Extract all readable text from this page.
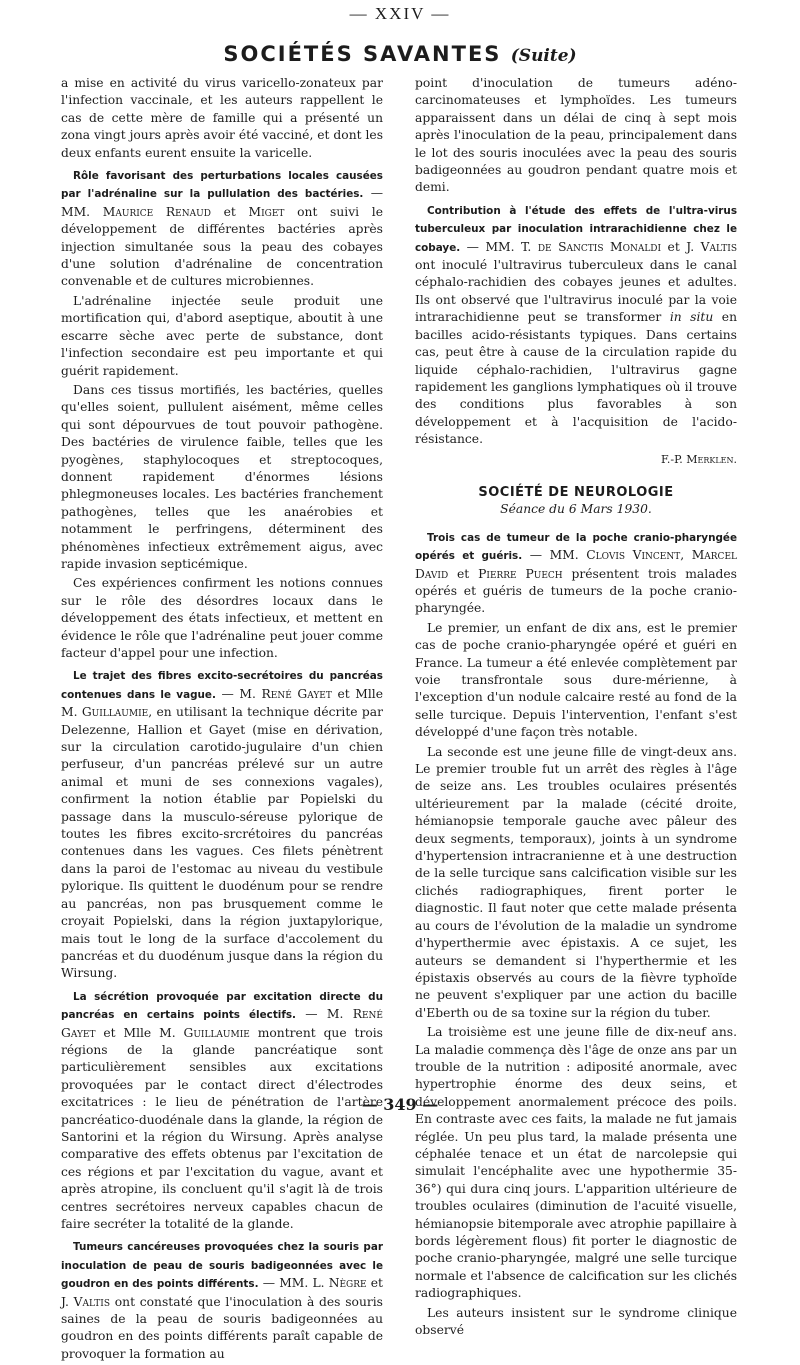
— XXIV —
SOCIÉTÉS SAVANTES (Suite)

a mise en activité du virus varicello-zonateux par l'infection vaccinale, et les auteurs rappellent le cas de cette mère de famille qui a présenté un zona vingt jours après avoir été vacciné, et dont les deux enfants eurent ensuite la varicelle.

Rôle favorisant des perturbations locales causées par l'adrénaline sur la pullulation des bactéries. — MM. Maurice Renaud et Miget ont suivi le développement de différentes bactéries après injection simultanée sous la peau des cobayes d'une solution d'adrénaline de concentration convenable et de cultures microbiennes.

L'adrénaline injectée seule produit une mortification qui, d'abord aseptique, aboutit à une escarre sèche avec perte de substance, dont l'infection secondaire est peu importante et qui guérit rapidement.

Dans ces tissus mortifiés, les bactéries, quelles qu'elles soient, pullulent aisément, même celles qui sont dépourvues de tout pouvoir pathogène. Des bactéries de virulence faible, telles que les pyogènes, staphylocoques et streptocoques, donnent rapidement d'énormes lésions phlegmoneuses locales. Les bactéries franchement pathogènes, telles que les anaérobies et notamment le perfringens, déterminent des phénomènes infectieux extrêmement aigus, avec rapide invasion septicémique.

Ces expériences confirment les notions connues sur le rôle des désordres locaux dans le développement des états infectieux, et mettent en évidence le rôle que l'adrénaline peut jouer comme facteur d'appel pour une infection.

Le trajet des fibres excito-secrétoires du pancréas contenues dans le vague. — M. René Gayet et Mlle M. Guillaumie, en utilisant la technique décrite par Delezenne, Hallion et Gayet (mise en dérivation, sur la circulation carotido-jugulaire d'un chien perfuseur, d'un pancréas prélevé sur un autre animal et muni de ses connexions vagales), confirment la notion établie par Popielski du passage dans la musculo-séreuse pylorique de toutes les fibres excito-srcrétoires du pancréas contenues dans les vagues. Ces filets pénètrent dans la paroi de l'estomac au niveau du vestibule pylorique. Ils quittent le duodénum pour se rendre au pancréas, non pas brusquement comme le croyait Popielski, dans la région juxtapylorique, mais tout le long de la surface d'accolement du pancréas et du duodénum jusque dans la région du Wirsung.

La sécrétion provoquée par excitation directe du pancréas en certains points électifs. — M. René Gayet et Mlle M. Guillaumie montrent que trois régions de la glande pancréatique sont particulièrement sensibles aux excitations provoquées par le contact direct d'électrodes excitatrices : le lieu de pénétration de l'artère pancréatico-duodénale dans la glande, la région de Santorini et la région du Wirsung. Après analyse comparative des effets obtenus par l'excitation de ces régions et par l'excitation du vague, avant et après atropine, ils concluent qu'il s'agit là de trois centres secrétoires nerveux capables chacun de faire secréter la totalité de la glande.

Tumeurs cancéreuses provoquées chez la souris par inoculation de peau de souris badigeonnées avec le goudron en des points différents. — MM. L. Nègre et J. Valtis ont constaté que l'inoculation à des souris saines de la peau de souris badigeonnées au goudron en des points différents paraît capable de provoquer la formation au

point d'inoculation de tumeurs adéno-carcinomateuses et lymphoïdes. Les tumeurs apparaissent dans un délai de cinq à sept mois après l'inoculation de la peau, principalement dans le lot des souris inoculées avec la peau des souris badigeonnées au goudron pendant quatre mois et demi.

Contribution à l'étude des effets de l'ultra-virus tuberculeux par inoculation intrarachidienne chez le cobaye. — MM. T. de Sanctis Monaldi et J. Valtis ont inoculé l'ultravirus tuberculeux dans le canal céphalo-rachidien des cobayes jeunes et adultes. Ils ont observé que l'ultravirus inoculé par la voie intrarachidienne peut se transformer in situ en bacilles acido-résistants typiques. Dans certains cas, peut être à cause de la circulation rapide du liquide céphalo-rachidien, l'ultravirus gagne rapidement les ganglions lymphatiques où il trouve des conditions plus favorables à son développement et à l'acquisition de l'acido-résistance.

F.-P. Merklen.

SOCIÉTÉ DE NEUROLOGIE
Séance du 6 Mars 1930.

Trois cas de tumeur de la poche cranio-pharyngée opérés et guéris. — MM. Clovis Vincent, Marcel David et Pierre Puech présentent trois malades opérés et guéris de tumeurs de la poche cranio-pharyngée.

Le premier, un enfant de dix ans, est le premier cas de poche cranio-pharyngée opéré et guéri en France. La tumeur a été enlevée complètement par voie transfrontale sous dure-mérienne, à l'exception d'un nodule calcaire resté au fond de la selle turcique. Depuis l'intervention, l'enfant s'est développé d'une façon très notable.

La seconde est une jeune fille de vingt-deux ans. Le premier trouble fut un arrêt des règles à l'âge de seize ans. Les troubles oculaires présentés ultérieurement par la malade (cécité droite, hémianopsie temporale gauche avec pâleur des deux segments, temporaux), joints à un syndrome d'hypertension intracranienne et à une destruction de la selle turcique sans calcification visible sur les clichés radiographiques, firent porter le diagnostic. Il faut noter que cette malade présenta au cours de l'évolution de la maladie un syndrome d'hyperthermie avec épistaxis. A ce sujet, les auteurs se demandent si l'hyperthermie et les épistaxis observés au cours de la fièvre typhoïde ne peuvent s'expliquer par une action du bacille d'Eberth ou de sa toxine sur la région du tuber.

La troisième est une jeune fille de dix-neuf ans. La maladie commença dès l'âge de onze ans par un trouble de la nutrition : adiposité anormale, avec hypertrophie énorme des deux seins, et développement anormalement précoce des poils. En contraste avec ces faits, la malade ne fut jamais réglée. Un peu plus tard, la malade présenta une céphalée tenace et un état de narcolepsie qui simulait l'encéphalite avec une hypothermie 35-36°) qui dura cinq jours. L'apparition ultérieure de troubles oculaires (diminution de l'acuité visuelle, hémianopsie bitemporale avec atrophie papillaire à bords légèrement flous) fit porter le diagnostic de poche cranio-pharyngée, malgré une selle turcique normale et l'absence de calcification sur les clichés radiographiques.

Les auteurs insistent sur le syndrome clinique observé

— 349 —
